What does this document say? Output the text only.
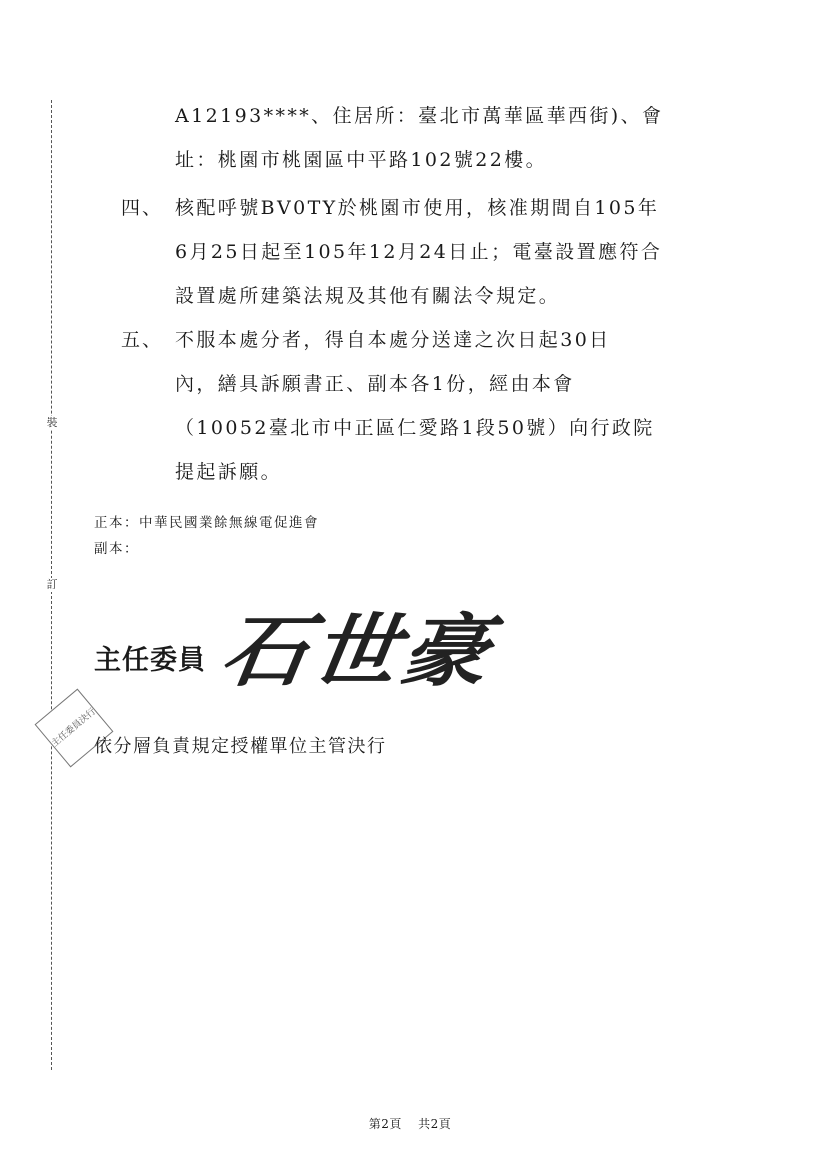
裝
訂
A12193****、住居所：臺北市萬華區華西街)、會
址：桃園市桃園區中平路102號22樓。
四、 核配呼號BV0TY於桃園市使用，核准期間自105年
6月25日起至105年12月24日止；電臺設置應符合
設置處所建築法規及其他有關法令規定。
五、 不服本處分者，得自本處分送達之次日起30日
內，繕具訴願書正、副本各1份，經由本會
（10052臺北市中正區仁愛路1段50號）向行政院
提起訴願。
正本：中華民國業餘無線電促進會
副本：
主任委員 石世豪
主任委員決行
依分層負責規定授權單位主管決行
第2頁 共2頁
